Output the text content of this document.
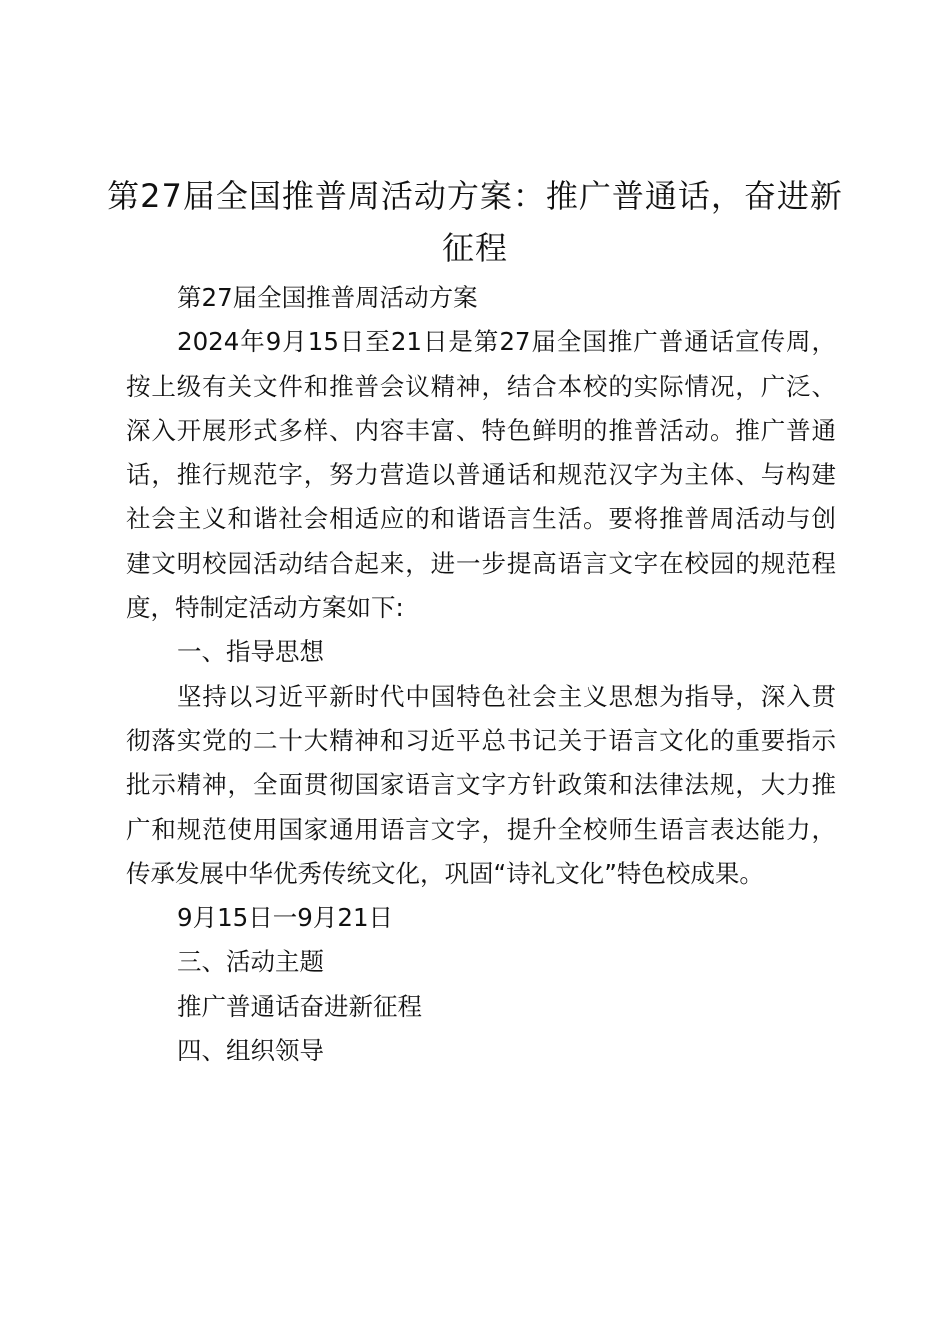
第27届全国推普周活动方案：推广普通话，奋进新征程

第27届全国推普周活动方案

2024年9月15日至21日是第27届全国推广普通话宣传周，按上级有关文件和推普会议精神，结合本校的实际情况，广泛、深入开展形式多样、内容丰富、特色鲜明的推普活动。推广普通话，推行规范字，努力营造以普通话和规范汉字为主体、与构建社会主义和谐社会相适应的和谐语言生活。要将推普周活动与创建文明校园活动结合起来，进一步提高语言文字在校园的规范程度，特制定活动方案如下:

一、指导思想

坚持以习近平新时代中国特色社会主义思想为指导，深入贯彻落实党的二十大精神和习近平总书记关于语言文化的重要指示批示精神，全面贯彻国家语言文字方针政策和法律法规，大力推广和规范使用国家通用语言文字，提升全校师生语言表达能力，传承发展中华优秀传统文化，巩固“诗礼文化”特色校成果。

9月15日一9月21日

三、活动主题

推广普通话奋进新征程

四、组织领导
